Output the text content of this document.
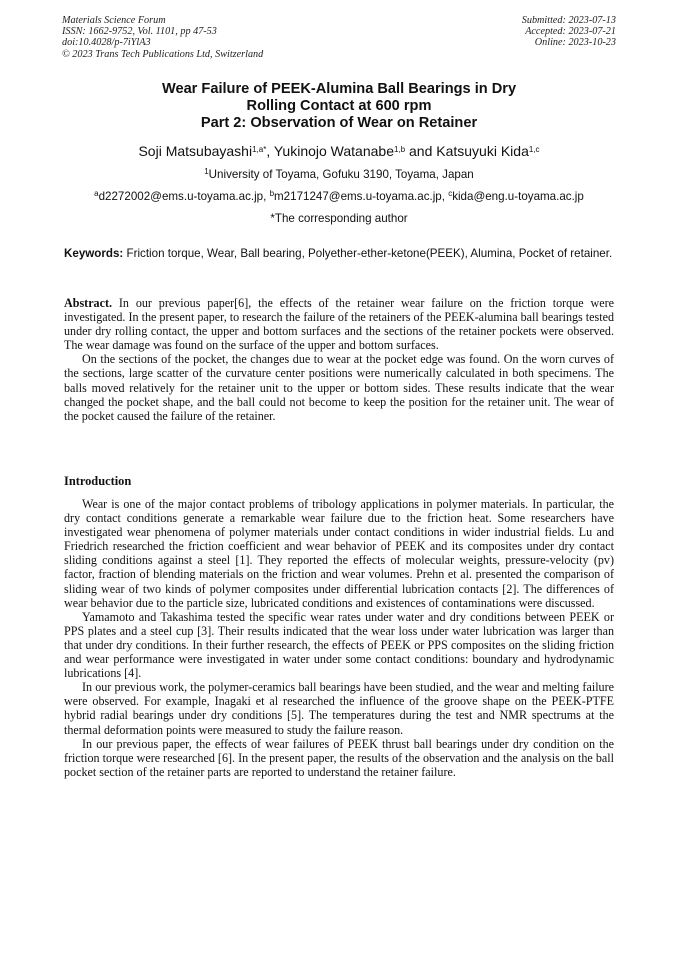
Materials Science Forum
ISSN: 1662-9752, Vol. 1101, pp 47-53
doi:10.4028/p-7iYlA3
© 2023 Trans Tech Publications Ltd, Switzerland
Submitted: 2023-07-13
Accepted: 2023-07-21
Online: 2023-10-23
Wear Failure of PEEK-Alumina Ball Bearings in Dry
Rolling Contact at 600 rpm
Part 2: Observation of Wear on Retainer
Soji Matsubayashi$^{1,a*}$, Yukinojo Watanabe$^{1,b}$ and Katsuyuki Kida$^{1,c}$
$^1$University of Toyama, Gofuku 3190, Toyama, Japan
$^a$d2272002@ems.u-toyama.ac.jp, $^b$m2171247@ems.u-toyama.ac.jp, $^c$kida@eng.u-toyama.ac.jp
*The corresponding author
Keywords: Friction torque, Wear, Ball bearing, Polyether-ether-ketone(PEEK), Alumina, Pocket of retainer.

Abstract. In our previous paper[6], the effects of the retainer wear failure on the friction torque were investigated. In the present paper, to research the failure of the retainers of the PEEK-alumina ball bearings tested under dry rolling contact, the upper and bottom surfaces and the sections of the retainer pockets were observed. The wear damage was found on the surface of the upper and bottom surfaces.

On the sections of the pocket, the changes due to wear at the pocket edge was found. On the worn curves of the sections, large scatter of the curvature center positions were numerically calculated in both specimens. The balls moved relatively for the retainer unit to the upper or bottom sides. These results indicate that the wear changed the pocket shape, and the ball could not become to keep the position for the retainer unit. The wear of the pocket caused the failure of the retainer.

Introduction

Wear is one of the major contact problems of tribology applications in polymer materials. In particular, the dry contact conditions generate a remarkable wear failure due to the friction heat. Some researchers have investigated wear phenomena of polymer materials under contact conditions in wider industrial fields. Lu and Friedrich researched the friction coefficient and wear behavior of PEEK and its composites under dry contact sliding conditions against a steel [1]. They reported the effects of molecular weights, pressure-velocity (pv) factor, fraction of blending materials on the friction and wear volumes. Prehn et al. presented the comparison of sliding wear of two kinds of polymer composites under differential lubrication contacts [2]. The differences of wear behavior due to the particle size, lubricated conditions and existences of contaminations were discussed.

Yamamoto and Takashima tested the specific wear rates under water and dry conditions between PEEK or PPS plates and a steel cup [3]. Their results indicated that the wear loss under water lubrication was larger than that under dry conditions. In their further research, the effects of PEEK or PPS composites on the sliding friction and wear performance were investigated in water under some contact conditions: boundary and hydrodynamic lubrications [4].

In our previous work, the polymer-ceramics ball bearings have been studied, and the wear and melting failure were observed. For example, Inagaki et al researched the influence of the groove shape on the PEEK-PTFE hybrid radial bearings under dry conditions [5]. The temperatures during the test and NMR spectrums at the thermal deformation points were measured to study the failure reason.

In our previous paper, the effects of wear failures of PEEK thrust ball bearings under dry condition on the friction torque were researched [6]. In the present paper, the results of the observation and the analysis on the ball pocket section of the retainer parts are reported to understand the retainer failure.
